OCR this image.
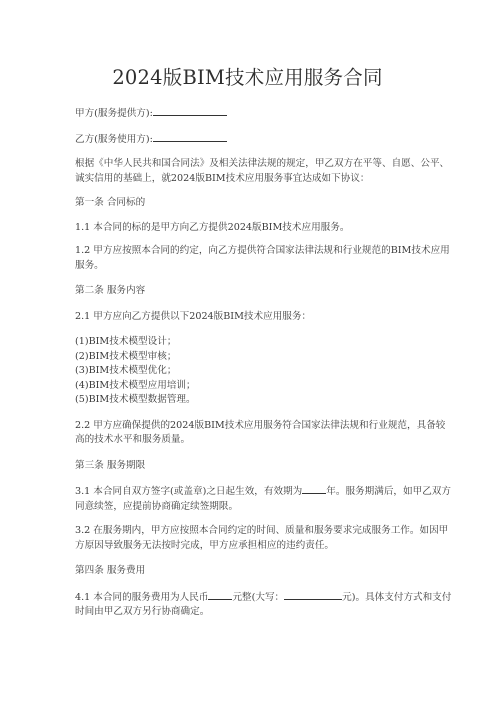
2024版BIM技术应用服务合同

甲方(服务提供方):

乙方(服务使用方):

根据《中华人民共和国合同法》及相关法律法规的规定，甲乙双方在平等、自愿、公平、诚实信用的基础上，就2024版BIM技术应用服务事宜达成如下协议：

第一条 合同标的

1.1 本合同的标的是甲方向乙方提供2024版BIM技术应用服务。

1.2 甲方应按照本合同的约定，向乙方提供符合国家法律法规和行业规范的BIM技术应用服务。

第二条 服务内容

2.1 甲方应向乙方提供以下2024版BIM技术应用服务：

(1)BIM技术模型设计；

(2)BIM技术模型审核；

(3)BIM技术模型优化；

(4)BIM技术模型应用培训；

(5)BIM技术模型数据管理。

2.2 甲方应确保提供的2024版BIM技术应用服务符合国家法律法规和行业规范，具备较高的技术水平和服务质量。

第三条 服务期限

3.1 本合同自双方签字(或盖章)之日起生效，有效期为	年。服务期满后，如甲乙双方同意续签，应提前协商确定续签期限。

3.2 在服务期内，甲方应按照本合同约定的时间、质量和服务要求完成服务工作。如因甲方原因导致服务无法按时完成，甲方应承担相应的违约责任。

第四条 服务费用

4.1 本合同的服务费用为人民币	元整(大写：	元)。具体支付方式和支付时间由甲乙双方另行协商确定。
